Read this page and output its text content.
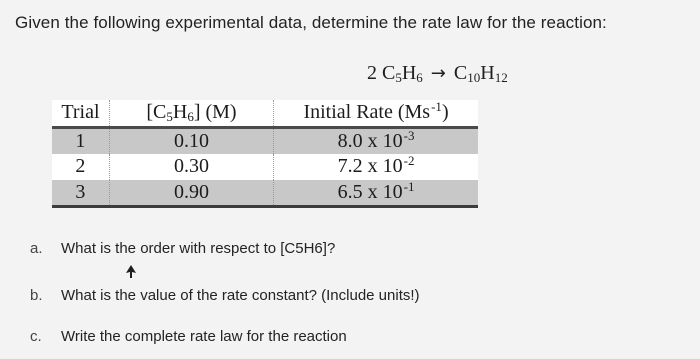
Given the following experimental data, determine the rate law for the reaction:
2 $C_5H_6 \to C_{10}H_{12}$
Trial	[C5H6] (M)	Initial Rate $(Ms^{-1})$
1	0.10	8.0 x $10^{-3}$
2	0.30	7.2 x $10^{-2}$
3	0.90	6.5 x $10^{-1}$
a. What is the order with respect to [C5H6]?
b. What is the value of the rate constant? (Include units!)
c. Write the complete rate law for the reaction
